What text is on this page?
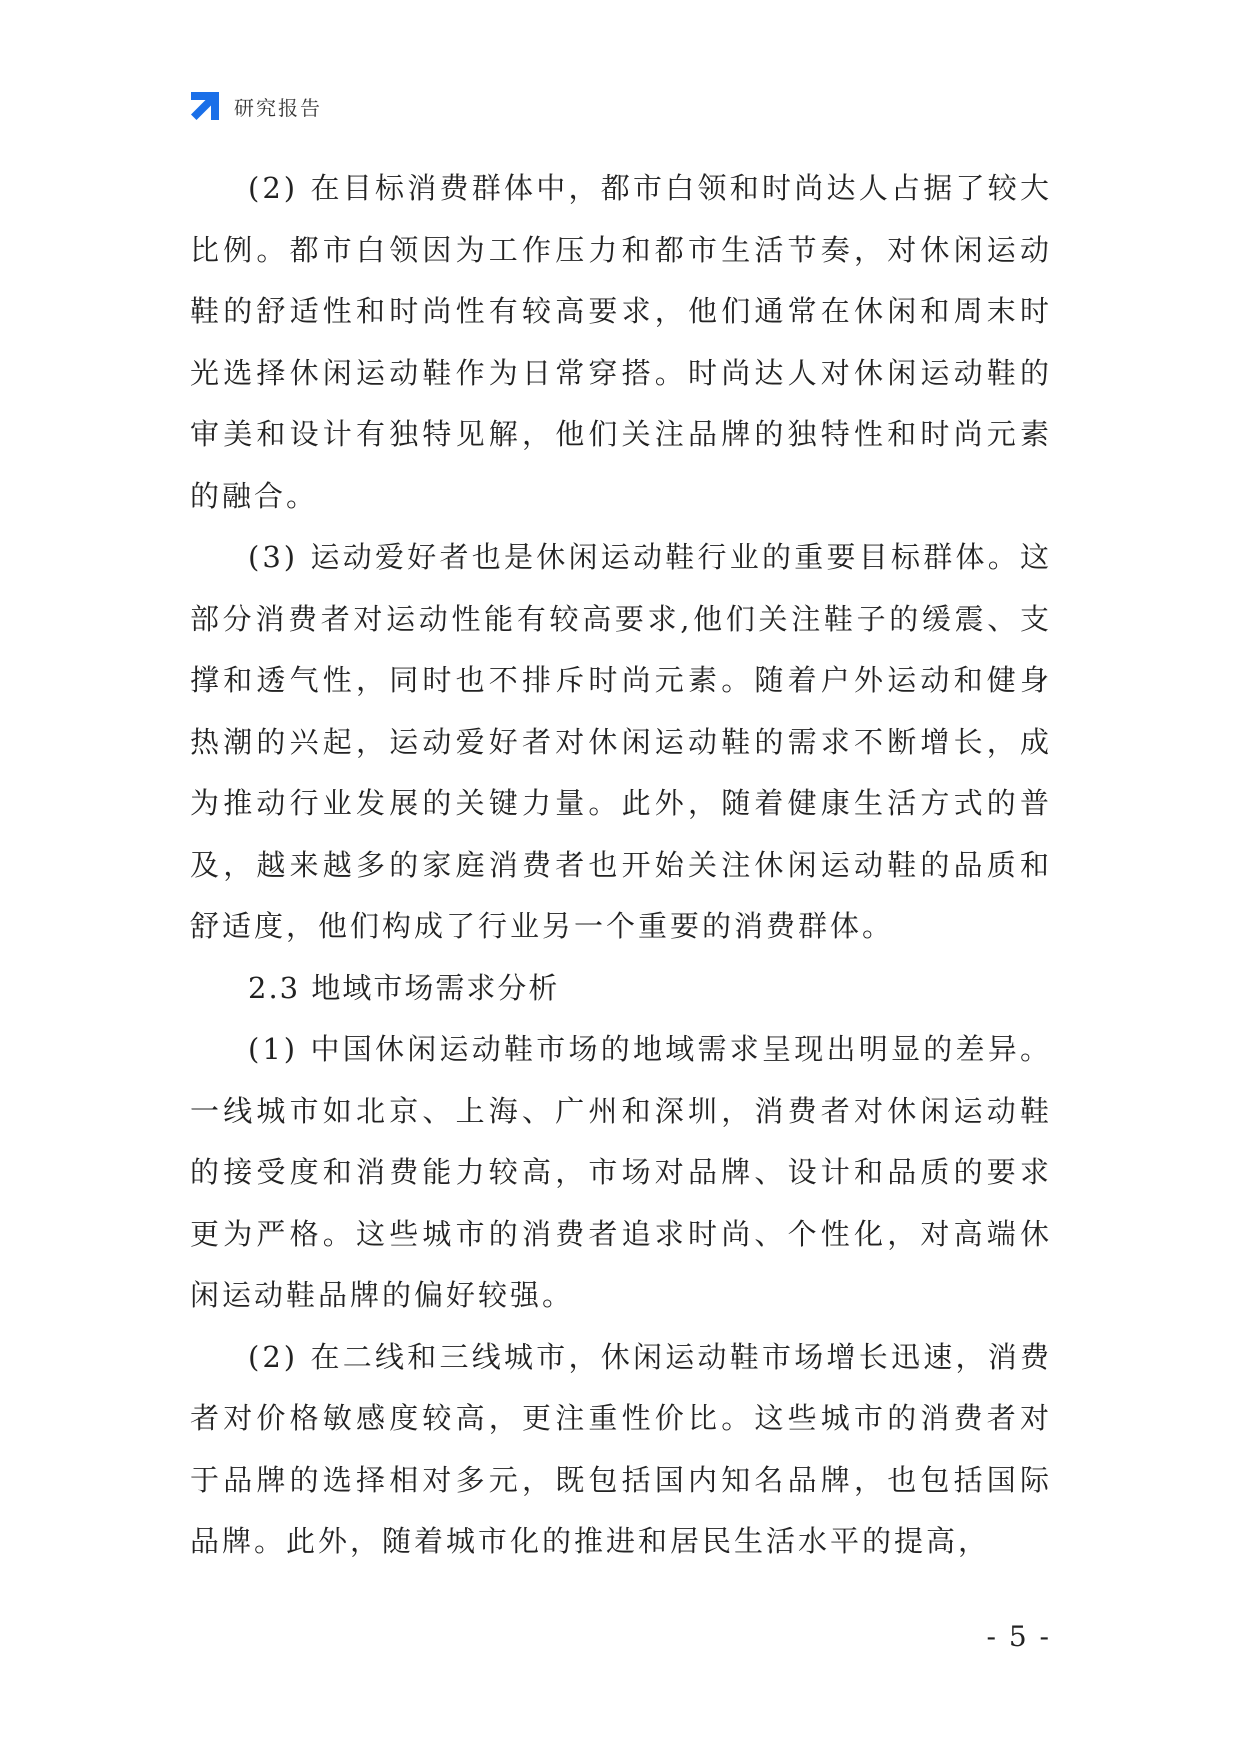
研究报告

(2) 在目标消费群体中，都市白领和时尚达人占据了较大比例。都市白领因为工作压力和都市生活节奏，对休闲运动鞋的舒适性和时尚性有较高要求，他们通常在休闲和周末时光选择休闲运动鞋作为日常穿搭。时尚达人对休闲运动鞋的审美和设计有独特见解，他们关注品牌的独特性和时尚元素的融合。

(3) 运动爱好者也是休闲运动鞋行业的重要目标群体。这部分消费者对运动性能有较高要求,他们关注鞋子的缓震、支撑和透气性，同时也不排斥时尚元素。随着户外运动和健身热潮的兴起，运动爱好者对休闲运动鞋的需求不断增长，成为推动行业发展的关键力量。此外，随着健康生活方式的普及，越来越多的家庭消费者也开始关注休闲运动鞋的品质和舒适度，他们构成了行业另一个重要的消费群体。

2.3 地域市场需求分析

(1) 中国休闲运动鞋市场的地域需求呈现出明显的差异。一线城市如北京、上海、广州和深圳，消费者对休闲运动鞋的接受度和消费能力较高，市场对品牌、设计和品质的要求更为严格。这些城市的消费者追求时尚、个性化，对高端休闲运动鞋品牌的偏好较强。

(2) 在二线和三线城市，休闲运动鞋市场增长迅速，消费者对价格敏感度较高，更注重性价比。这些城市的消费者对于品牌的选择相对多元，既包括国内知名品牌，也包括国际品牌。此外，随着城市化的推进和居民生活水平的提高，

- 5 -
